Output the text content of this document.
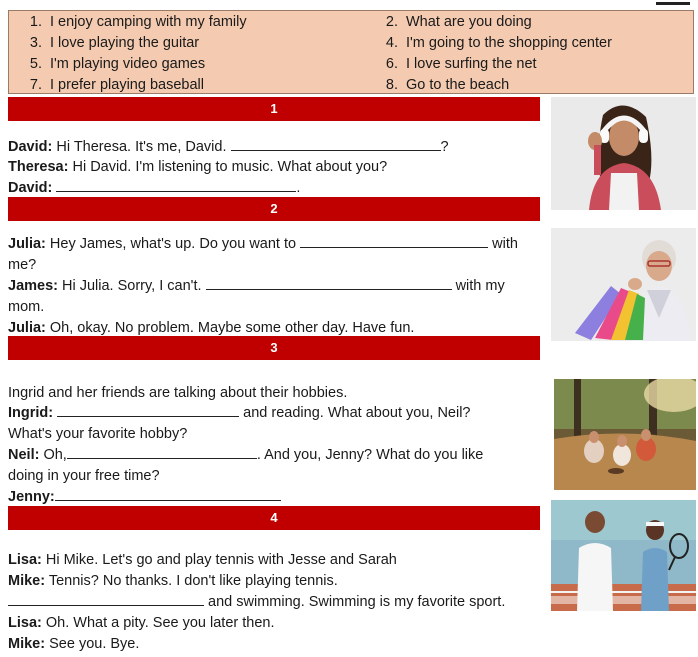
1. I enjoy camping with my family	2. What are you doing
3. I love playing the guitar	4. I'm going to the shopping center
5. I'm playing video games	6. I love surfing the net
7. I prefer playing baseball	8. Go to the beach
1
David: Hi Theresa. It's me, David.	?
Theresa: Hi David. I'm listening to music. What about you?
David:	.
2
Julia: Hey James, what's up. Do you want to	with
me?
James: Hi Julia. Sorry, I can't.	with my
mom.
Julia: Oh, okay. No problem. Maybe some other day. Have fun.
3
Ingrid and her friends are talking about their hobbies.
Ingrid:	and reading. What about you, Neil?
What's your favorite hobby?
Neil: Oh,	. And you, Jenny? What do you like
doing in your free time?
Jenny:
4
Lisa: Hi Mike. Let's go and play tennis with Jesse and Sarah
Mike: Tennis? No thanks. I don't like playing tennis.
and swimming. Swimming is my favorite sport.
Lisa: Oh. What a pity. See you later then.
Mike: See you. Bye.
